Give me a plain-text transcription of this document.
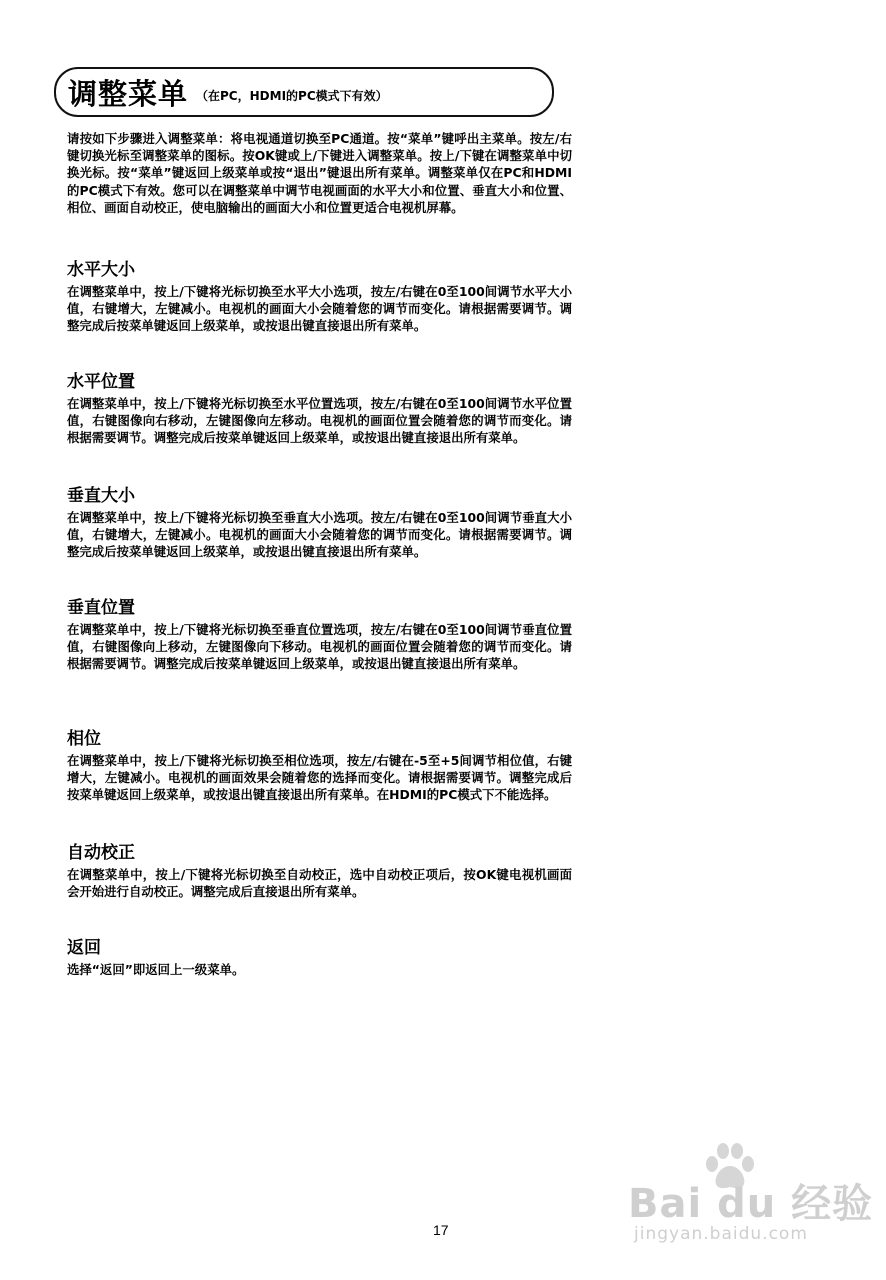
调整菜单 （在PC，HDMI的PC模式下有效）

请按如下步骤进入调整菜单：将电视通道切换至PC通道。按“菜单”键呼出主菜单。按左/右键切换光标至调整菜单的图标。按OK键或上/下键进入调整菜单。按上/下键在调整菜单中切换光标。按“菜单”键返回上级菜单或按“退出”键退出所有菜单。调整菜单仅在PC和HDMI的PC模式下有效。您可以在调整菜单中调节电视画面的水平大小和位置、垂直大小和位置、相位、画面自动校正，使电脑输出的画面大小和位置更适合电视机屏幕。

水平大小

在调整菜单中，按上/下键将光标切换至水平大小选项，按左/右键在0至100间调节水平大小值，右键增大，左键减小。电视机的画面大小会随着您的调节而变化。请根据需要调节。调整完成后按菜单键返回上级菜单，或按退出键直接退出所有菜单。

水平位置

在调整菜单中，按上/下键将光标切换至水平位置选项，按左/右键在0至100间调节水平位置值，右键图像向右移动，左键图像向左移动。电视机的画面位置会随着您的调节而变化。请根据需要调节。调整完成后按菜单键返回上级菜单，或按退出键直接退出所有菜单。

垂直大小

在调整菜单中，按上/下键将光标切换至垂直大小选项。按左/右键在0至100间调节垂直大小值，右键增大，左键减小。电视机的画面大小会随着您的调节而变化。请根据需要调节。调整完成后按菜单键返回上级菜单，或按退出键直接退出所有菜单。

垂直位置

在调整菜单中，按上/下键将光标切换至垂直位置选项，按左/右键在0至100间调节垂直位置值，右键图像向上移动，左键图像向下移动。电视机的画面位置会随着您的调节而变化。请根据需要调节。调整完成后按菜单键返回上级菜单，或按退出键直接退出所有菜单。

相位

在调整菜单中，按上/下键将光标切换至相位选项，按左/右键在-5至+5间调节相位值，右键增大，左键减小。电视机的画面效果会随着您的选择而变化。请根据需要调节。调整完成后按菜单键返回上级菜单，或按退出键直接退出所有菜单。在HDMI的PC模式下不能选择。

自动校正

在调整菜单中，按上/下键将光标切换至自动校正，选中自动校正项后，按OK键电视机画面会开始进行自动校正。调整完成后直接退出所有菜单。

返回

选择“返回”即返回上一级菜单。

Bai du 经验
jingyan.baidu.com
17
